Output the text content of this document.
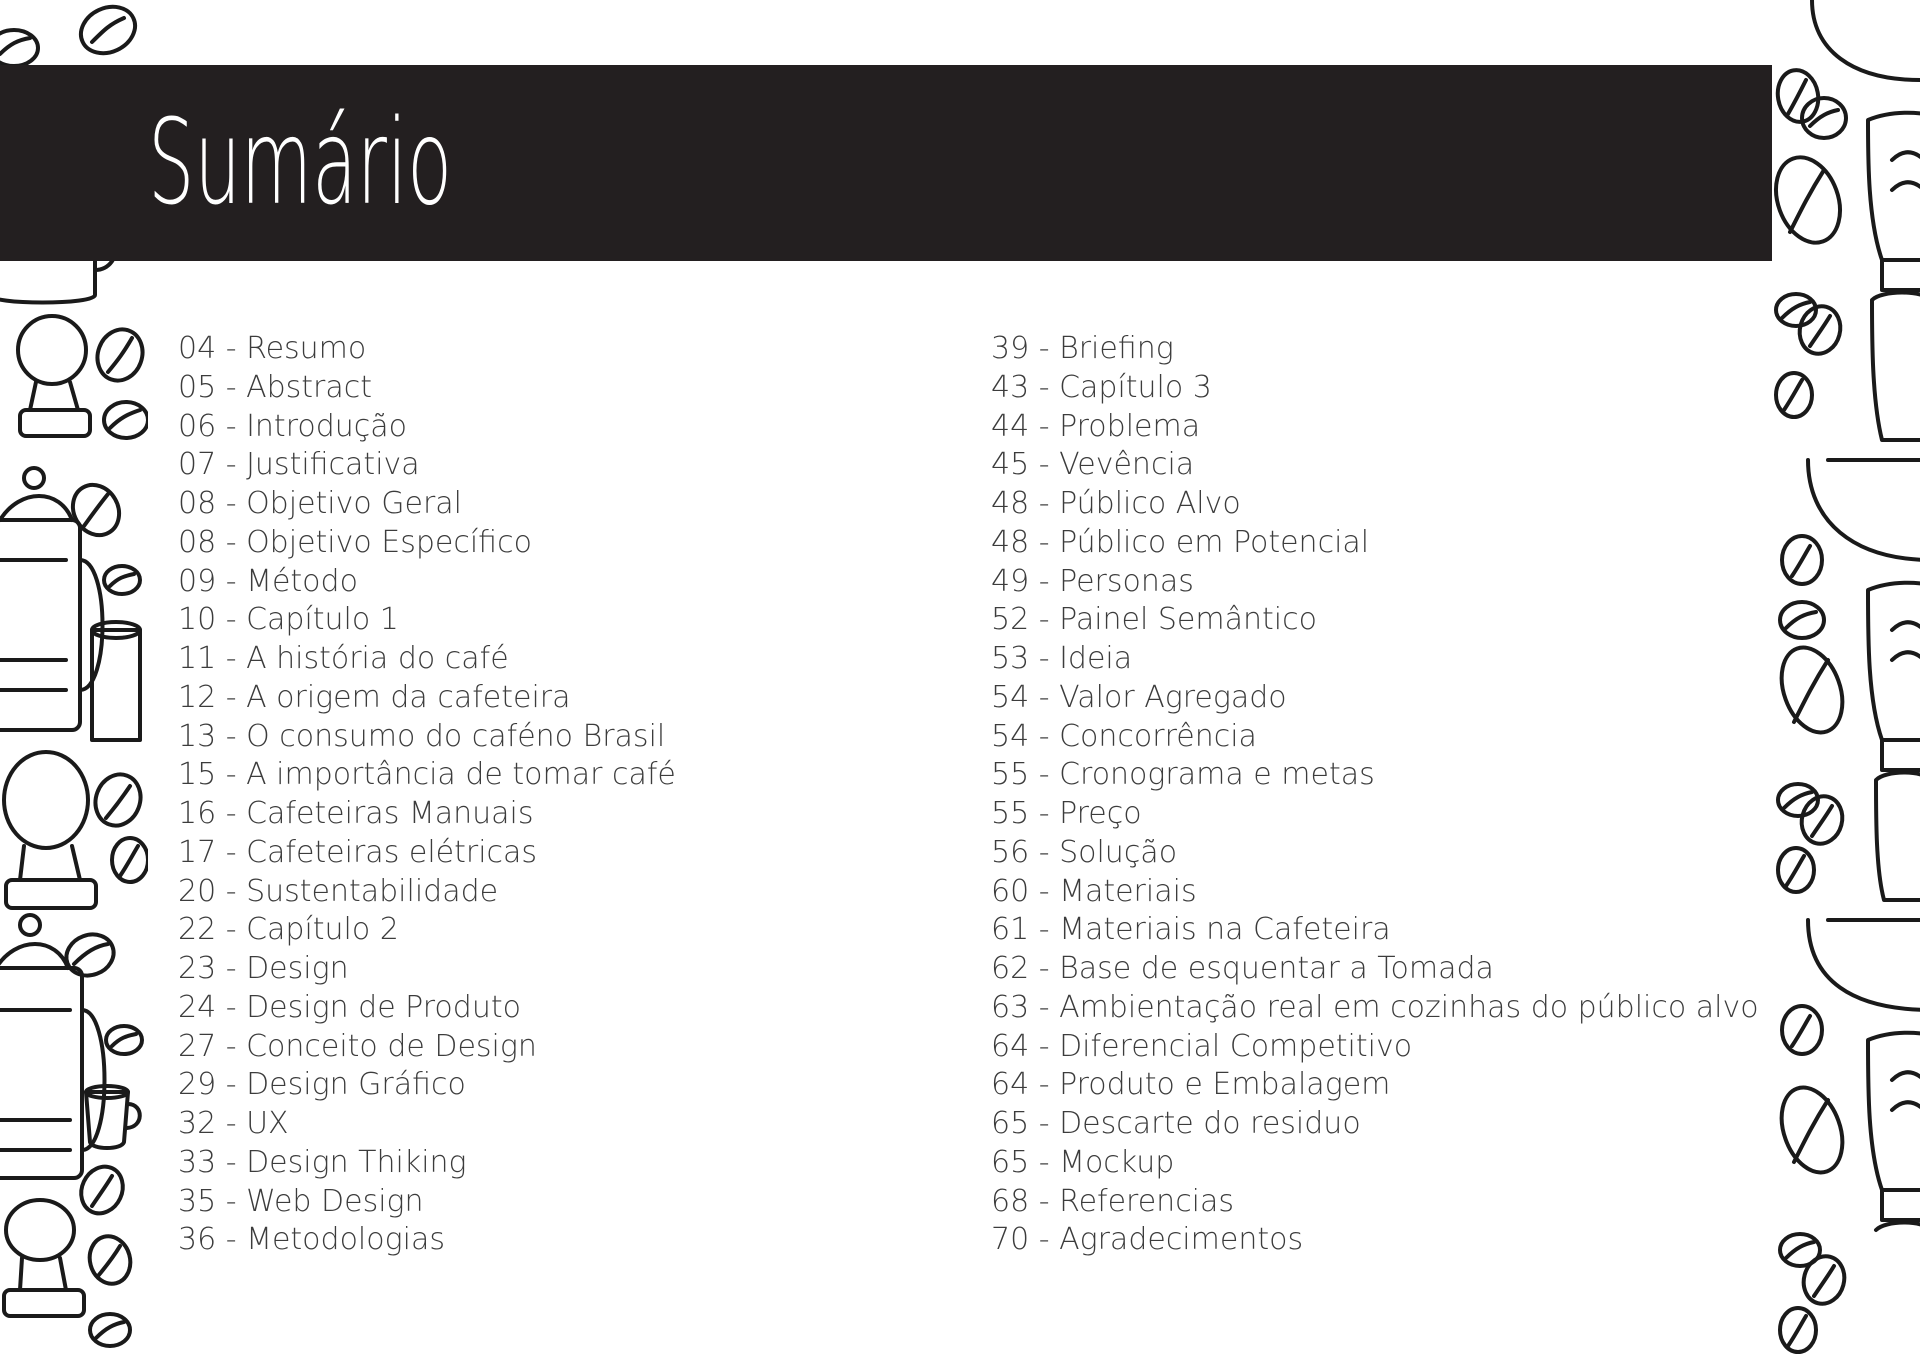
Sumário
04 - Resumo
05 - Abstract
06 - Introdução
07 - Justificativa
08 - Objetivo Geral
08 - Objetivo Específico
09 - Método
10 - Capítulo 1
11 - A história do café
12 - A origem da cafeteira
13 - O consumo do caféno Brasil
15 - A importância de tomar café
16 - Cafeteiras Manuais
17 - Cafeteiras elétricas
20 - Sustentabilidade
22 - Capítulo 2
23 - Design
24 - Design de Produto
27 - Conceito de Design
29 - Design Gráfico
32 - UX
33 - Design Thiking
35 - Web Design
36 - Metodologias
39 - Briefing
43 - Capítulo 3
44 - Problema
45 - Vevência
48 - Público Alvo
48 - Público em Potencial
49 - Personas
52 - Painel Semântico
53 - Ideia
54 - Valor Agregado
54 - Concorrência
55 - Cronograma e metas
55 - Preço
56 - Solução
60 - Materiais
61 - Materiais na Cafeteira
62 - Base de esquentar a Tomada
63 - Ambientação real em cozinhas do público alvo
64 - Diferencial Competitivo
64 - Produto e Embalagem
65 - Descarte do residuo
65 - Mockup
68 - Referencias
70 - Agradecimentos
